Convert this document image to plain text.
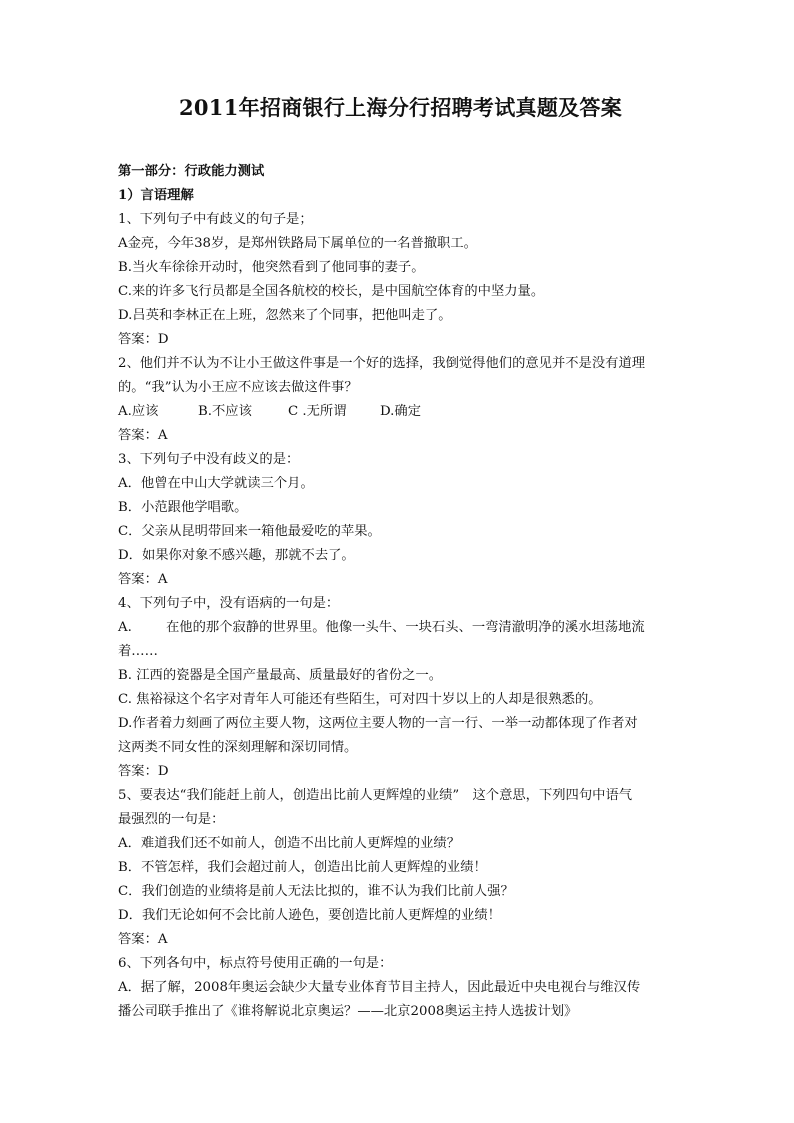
2011年招商银行上海分行招聘考试真题及答案
第一部分：行政能力测试
1）言语理解
1、下列句子中有歧义的句子是；
A金亮，今年38岁，是郑州铁路局下属单位的一名普撤职工。
B.当火车徐徐开动时，他突然看到了他同事的妻子。
C.来的许多飞行员都是全国各航校的校长，是中国航空体育的中坚力量。
D.吕英和李林正在上班，忽然来了个同事，把他叫走了。
答案：D
2、他们并不认为不让小王做这件事是一个好的选择，我倒觉得他们的意见并不是没有道理
的。“我”认为小王应不应该去做这件事？
A.应该	B.不应该	C .无所谓	D.确定
答案：A
3、下列句子中没有歧义的是：
A．他曾在中山大学就读三个月。
B．小范跟他学唱歌。
C．父亲从昆明带回来一箱他最爱吃的苹果。
D．如果你对象不感兴趣，那就不去了。
答案：A
4、下列句子中，没有语病的一句是：
A.	在他的那个寂静的世界里。他像一头牛、一块石头、一弯清澈明净的溪水坦荡地流
着……
B. 江西的瓷器是全国产量最高、质量最好的省份之一。
C. 焦裕禄这个名字对青年人可能还有些陌生，可对四十岁以上的人却是很熟悉的。
D.作者着力刻画了两位主要人物，这两位主要人物的一言一行、一举一动都体现了作者对
这两类不同女性的深刻理解和深切同情。
答案：D
5、要表达“我们能赶上前人，创造出比前人更辉煌的业绩”　这个意思，下列四句中语气
最强烈的一句是：
A．难道我们还不如前人，创造不出比前人更辉煌的业绩？
B．不管怎样，我们会超过前人，创造出比前人更辉煌的业绩！
C．我们创造的业绩将是前人无法比拟的，谁不认为我们比前人强？
D．我们无论如何不会比前人逊色，要创造比前人更辉煌的业绩！
答案：A
6、下列各句中，标点符号使用正确的一句是：
A．据了解，2008年奥运会缺少大量专业体育节目主持人，因此最近中央电视台与维汉传
播公司联手推出了《谁将解说北京奥运？——北京2008奥运主持人选拔计划》
